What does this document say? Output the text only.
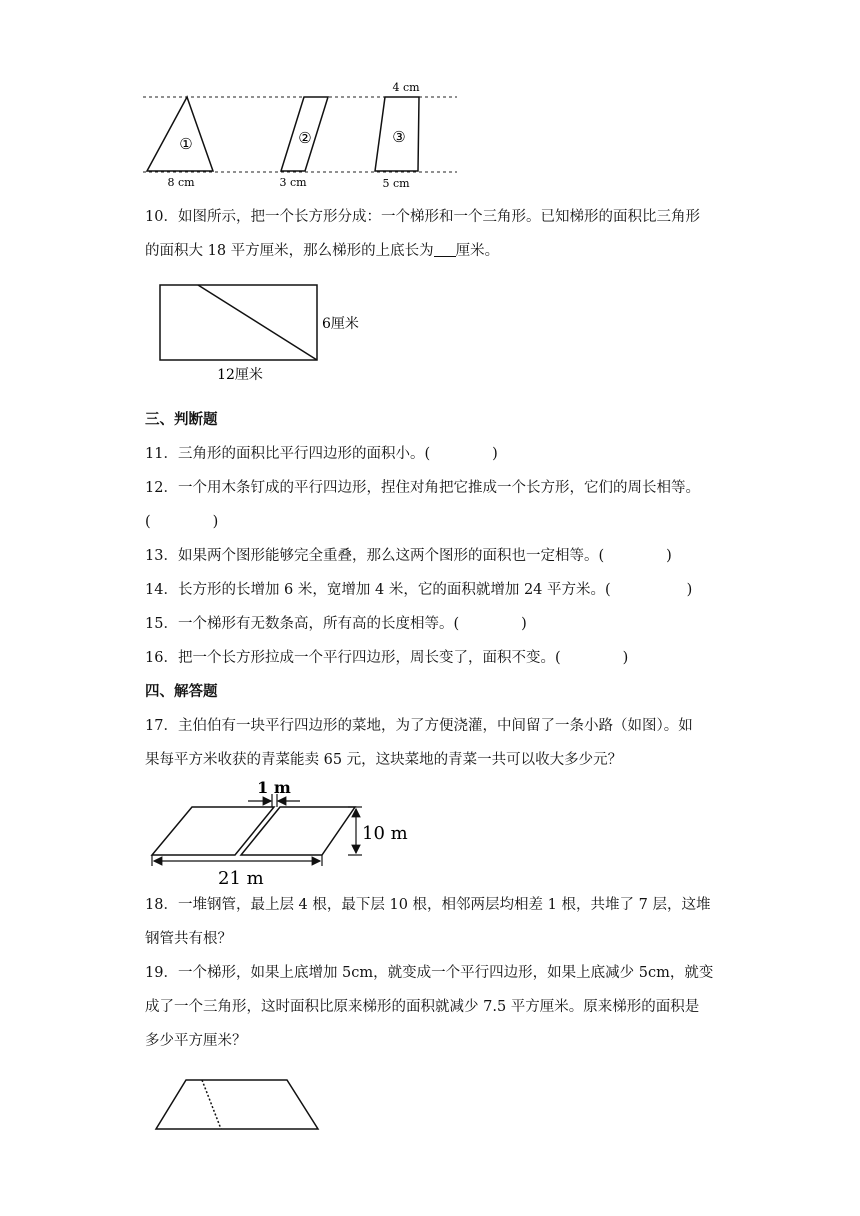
①	②	③
4 cm
8 cm	3 cm	5 cm
10．如图所示，把一个长方形分成：一个梯形和一个三角形。已知梯形的面积比三角形
的面积大 18 平方厘米，那么梯形的上底长为 厘米。
6厘米
12厘米
三、判断题
11．三角形的面积比平行四边形的面积小。(	)
12．一个用木条钉成的平行四边形，捏住对角把它推成一个长方形，它们的周长相等。
(	)
13．如果两个图形能够完全重叠，那么这两个图形的面积也一定相等。(	)
14．长方形的长增加 6 米，宽增加 4 米，它的面积就增加 24 平方米。(	)
15．一个梯形有无数条高，所有高的长度相等。(	)
16．把一个长方形拉成一个平行四边形，周长变了，面积不变。(	)
四、解答题
17．主伯伯有一块平行四边形的菜地，为了方便浇灌，中间留了一条小路（如图）。如
果每平方米收获的青菜能卖 65 元，这块菜地的青菜一共可以收大多少元？
1 m
10 m
21 m
18．一堆钢管，最上层 4 根，最下层 10 根，相邻两层均相差 1 根，共堆了 7 层，这堆
钢管共有根？
19．一个梯形，如果上底增加 5cm，就变成一个平行四边形，如果上底减少 5cm，就变
成了一个三角形，这时面积比原来梯形的面积就减少 7.5 平方厘米。原来梯形的面积是
多少平方厘米？
